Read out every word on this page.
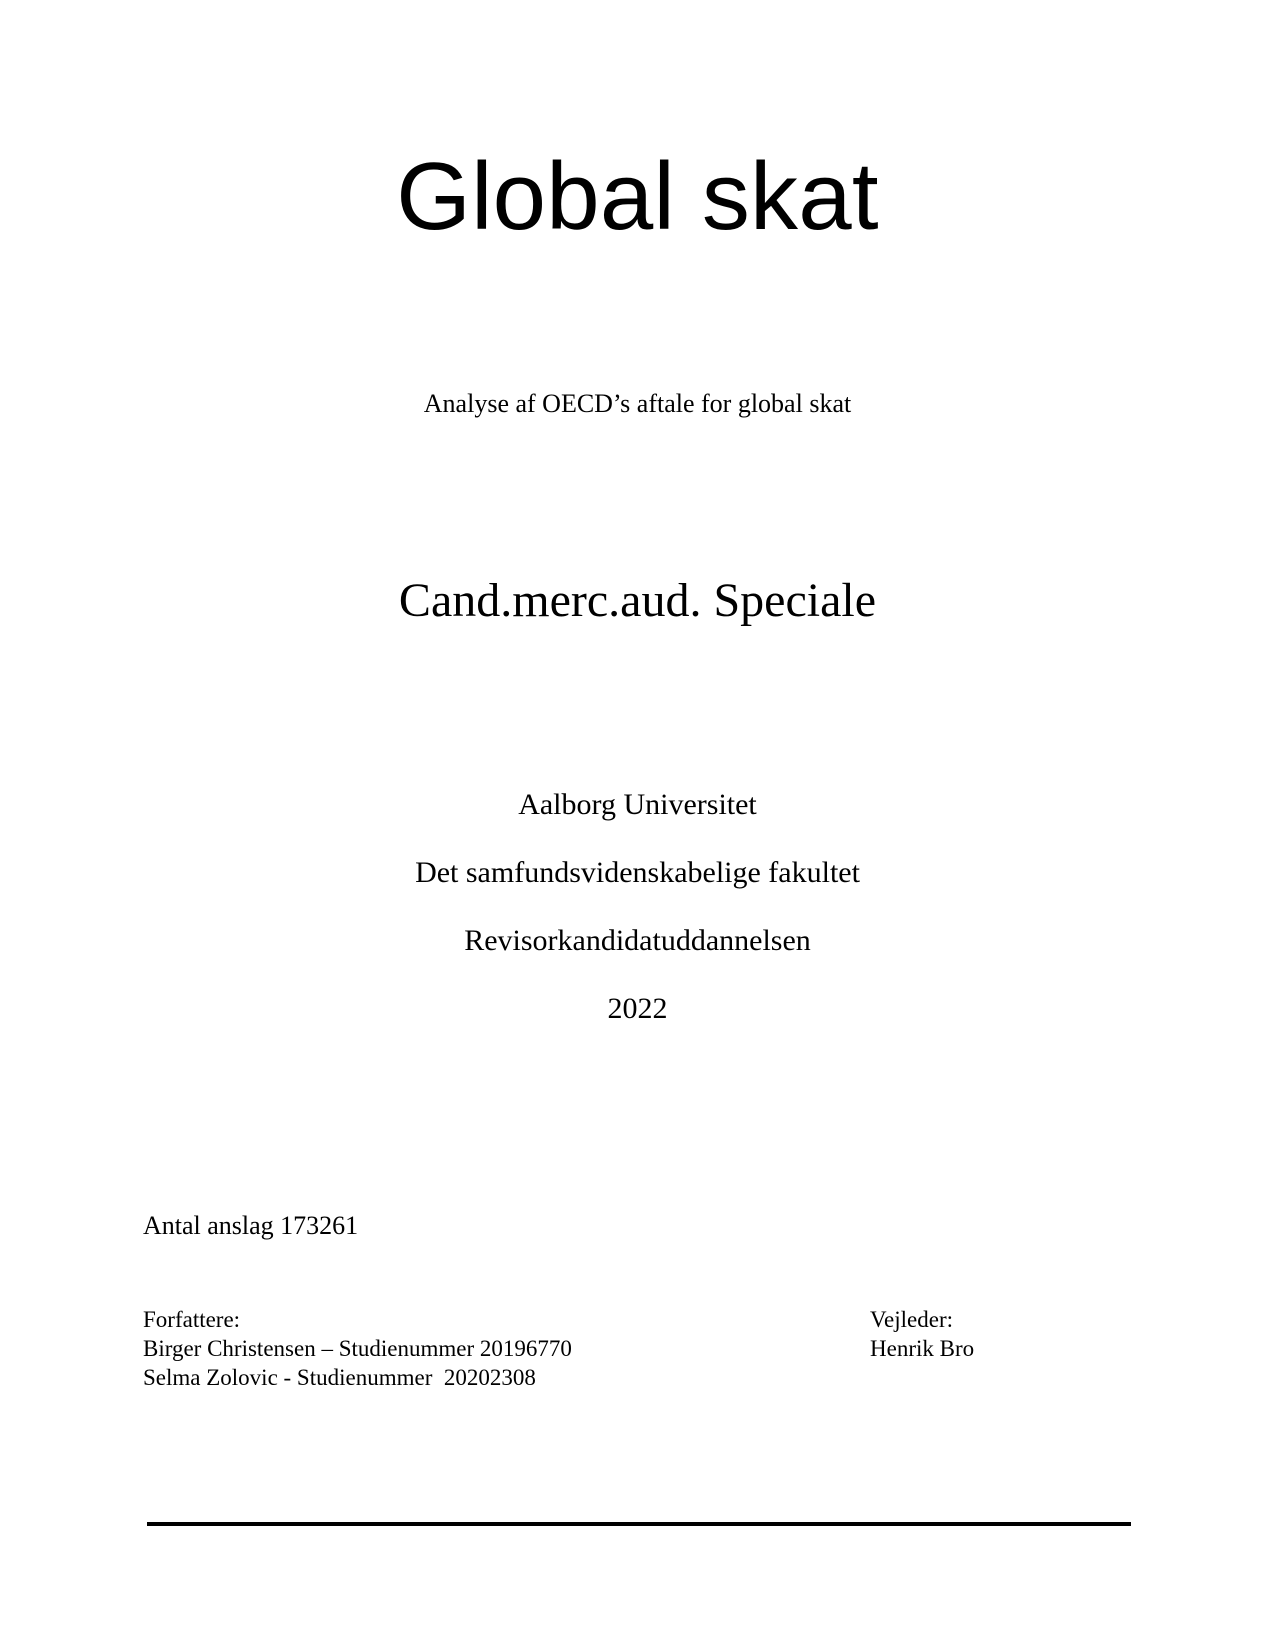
Global skat

Analyse af OECD’s aftale for global skat

Cand.merc.aud. Speciale

Aalborg Universitet

Det samfundsvidenskabelige fakultet

Revisorkandidatuddannelsen

2022

Antal anslag 173261

Forfattere:

Birger Christensen – Studienummer 20196770

Selma Zolovic - Studienummer  20202308

Vejleder:

Henrik Bro
